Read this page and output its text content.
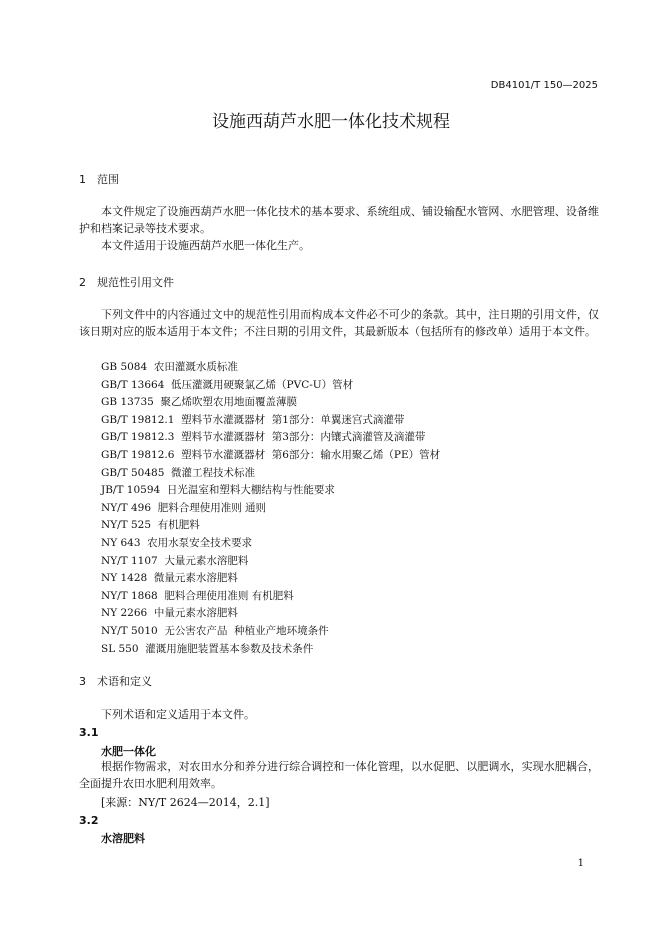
DB4101/T 150—2025
设施西葫芦水肥一体化技术规程
1 范围

本文件规定了设施西葫芦水肥一体化技术的基本要求、系统组成、铺设输配水管网、水肥管理、设备维护和档案记录等技术要求。

本文件适用于设施西葫芦水肥一体化生产。

2 规范性引用文件

下列文件中的内容通过文中的规范性引用而构成本文件必不可少的条款。其中，注日期的引用文件，仅该日期对应的版本适用于本文件；不注日期的引用文件，其最新版本（包括所有的修改单）适用于本文件。

GB 5084  农田灌溉水质标准
GB/T 13664  低压灌溉用硬聚氯乙烯（PVC-U）管材
GB 13735  聚乙烯吹塑农用地面覆盖薄膜
GB/T 19812.1  塑料节水灌溉器材  第1部分：单翼迷宫式滴灌带
GB/T 19812.3  塑料节水灌溉器材  第3部分：内镶式滴灌管及滴灌带
GB/T 19812.6  塑料节水灌溉器材  第6部分：输水用聚乙烯（PE）管材
GB/T 50485  微灌工程技术标准
JB/T 10594  日光温室和塑料大棚结构与性能要求
NY/T 496  肥料合理使用准则 通则
NY/T 525  有机肥料
NY 643  农用水泵安全技术要求
NY/T 1107  大量元素水溶肥料
NY 1428  微量元素水溶肥料
NY/T 1868  肥料合理使用准则 有机肥料
NY 2266  中量元素水溶肥料
NY/T 5010  无公害农产品  种植业产地环境条件
SL 550  灌溉用施肥装置基本参数及技术条件
3 术语和定义
下列术语和定义适用于本文件。
3.1
水肥一体化

根据作物需求，对农田水分和养分进行综合调控和一体化管理，以水促肥、以肥调水，实现水肥耦合，全面提升农田水肥利用效率。

[来源：NY/T 2624—2014，2.1]
3.2
水溶肥料
1
